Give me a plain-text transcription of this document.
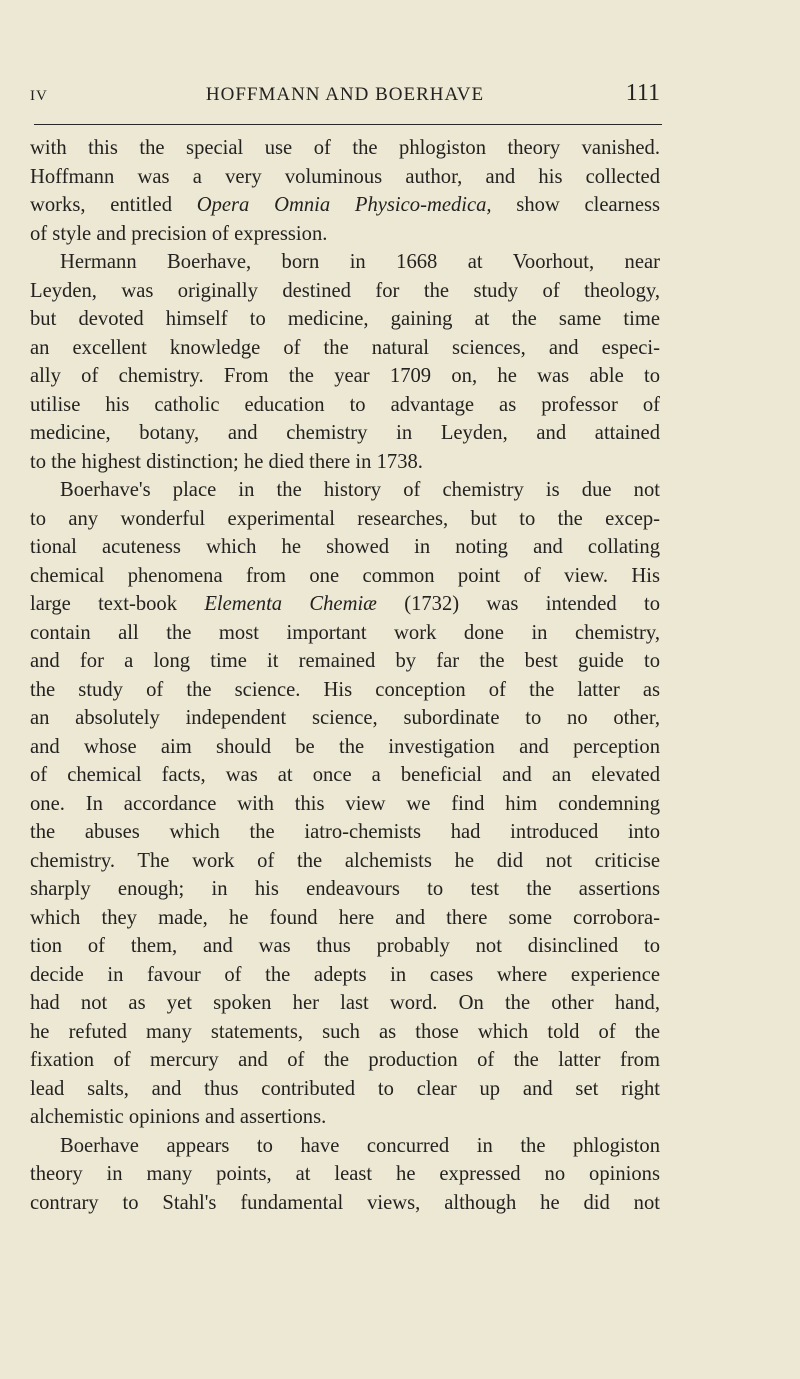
IV	HOFFMANN AND BOERHAVE	111
with this the special use of the phlogiston theory vanished.
Hoffmann was a very voluminous author, and his collected
works, entitled Opera Omnia Physico-medica, show clearness
of style and precision of expression.
Hermann Boerhave, born in 1668 at Voorhout, near
Leyden, was originally destined for the study of theology,
but devoted himself to medicine, gaining at the same time
an excellent knowledge of the natural sciences, and especi-
ally of chemistry. From the year 1709 on, he was able to
utilise his catholic education to advantage as professor of
medicine, botany, and chemistry in Leyden, and attained
to the highest distinction; he died there in 1738.
Boerhave's place in the history of chemistry is due not
to any wonderful experimental researches, but to the excep-
tional acuteness which he showed in noting and collating
chemical phenomena from one common point of view. His
large text-book Elementa Chemiæ (1732) was intended to
contain all the most important work done in chemistry,
and for a long time it remained by far the best guide to
the study of the science. His conception of the latter as
an absolutely independent science, subordinate to no other,
and whose aim should be the investigation and perception
of chemical facts, was at once a beneficial and an elevated
one. In accordance with this view we find him condemning
the abuses which the iatro-chemists had introduced into
chemistry. The work of the alchemists he did not criticise
sharply enough; in his endeavours to test the assertions
which they made, he found here and there some corrobora-
tion of them, and was thus probably not disinclined to
decide in favour of the adepts in cases where experience
had not as yet spoken her last word. On the other hand,
he refuted many statements, such as those which told of the
fixation of mercury and of the production of the latter from
lead salts, and thus contributed to clear up and set right
alchemistic opinions and assertions.
Boerhave appears to have concurred in the phlogiston
theory in many points, at least he expressed no opinions
contrary to Stahl's fundamental views, although he did not
